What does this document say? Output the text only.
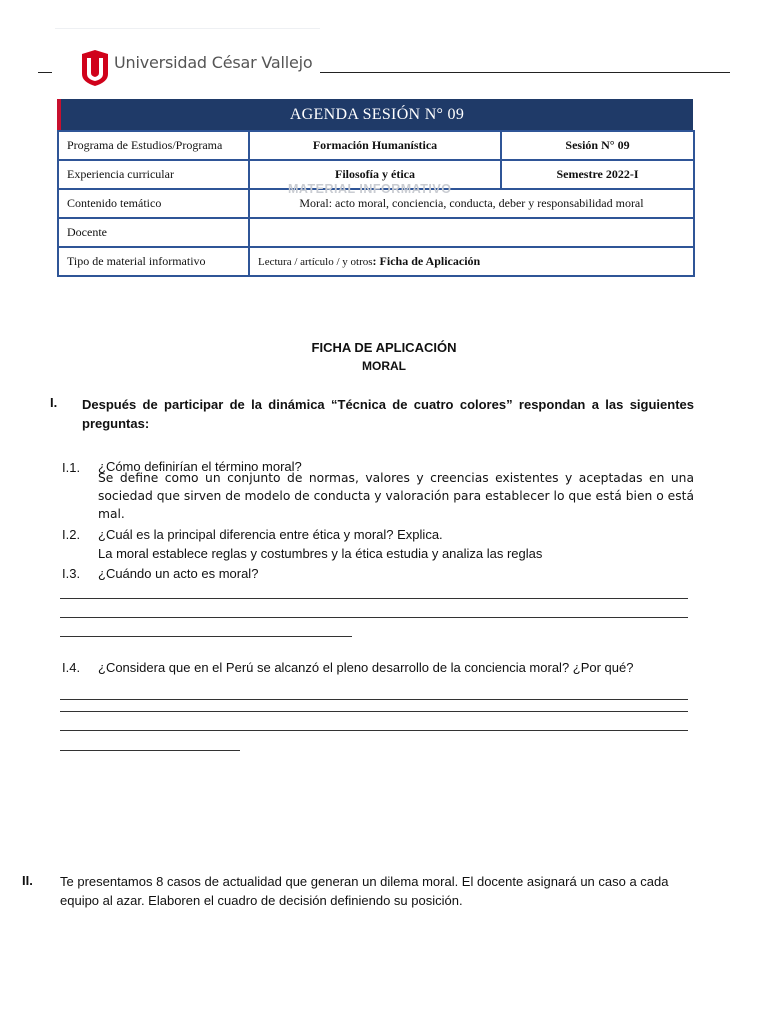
Universidad César Vallejo
AGENDA SESIÓN N° 09
Programa de Estudios/Programa	Formación Humanística	Sesión N° 09
Experiencia curricular	Filosofía y ética	Semestre 2022-I
Contenido temático	Moral: acto moral, conciencia, conducta, deber y responsabilidad moral	
Docente		
Tipo de material informativo	Lectura / artículo / y otros: Ficha de Aplicación	
MATERIAL INFORMATIVO
FICHA DE APLICACIÓN
MORAL
I. Después de participar de la dinámica “Técnica de cuatro colores” respondan a las siguientes preguntas:
I.1. ¿Cómo definirían el término moral?
Se define como un conjunto de normas, valores y creencias existentes y aceptadas en una sociedad que sirven de modelo de conducta y valoración para establecer lo que está bien o está mal.
I.2. ¿Cuál es la principal diferencia entre ética y moral? Explica.
La moral establece reglas y costumbres y la ética estudia y analiza las reglas
I.3. ¿Cuándo un acto es moral?
I.4. ¿Considera que en el Perú se alcanzó el pleno desarrollo de la conciencia moral? ¿Por qué?
II. Te presentamos 8 casos de actualidad que generan un dilema moral. El docente asignará un caso a cada equipo al azar. Elaboren el cuadro de decisión definiendo su posición.
